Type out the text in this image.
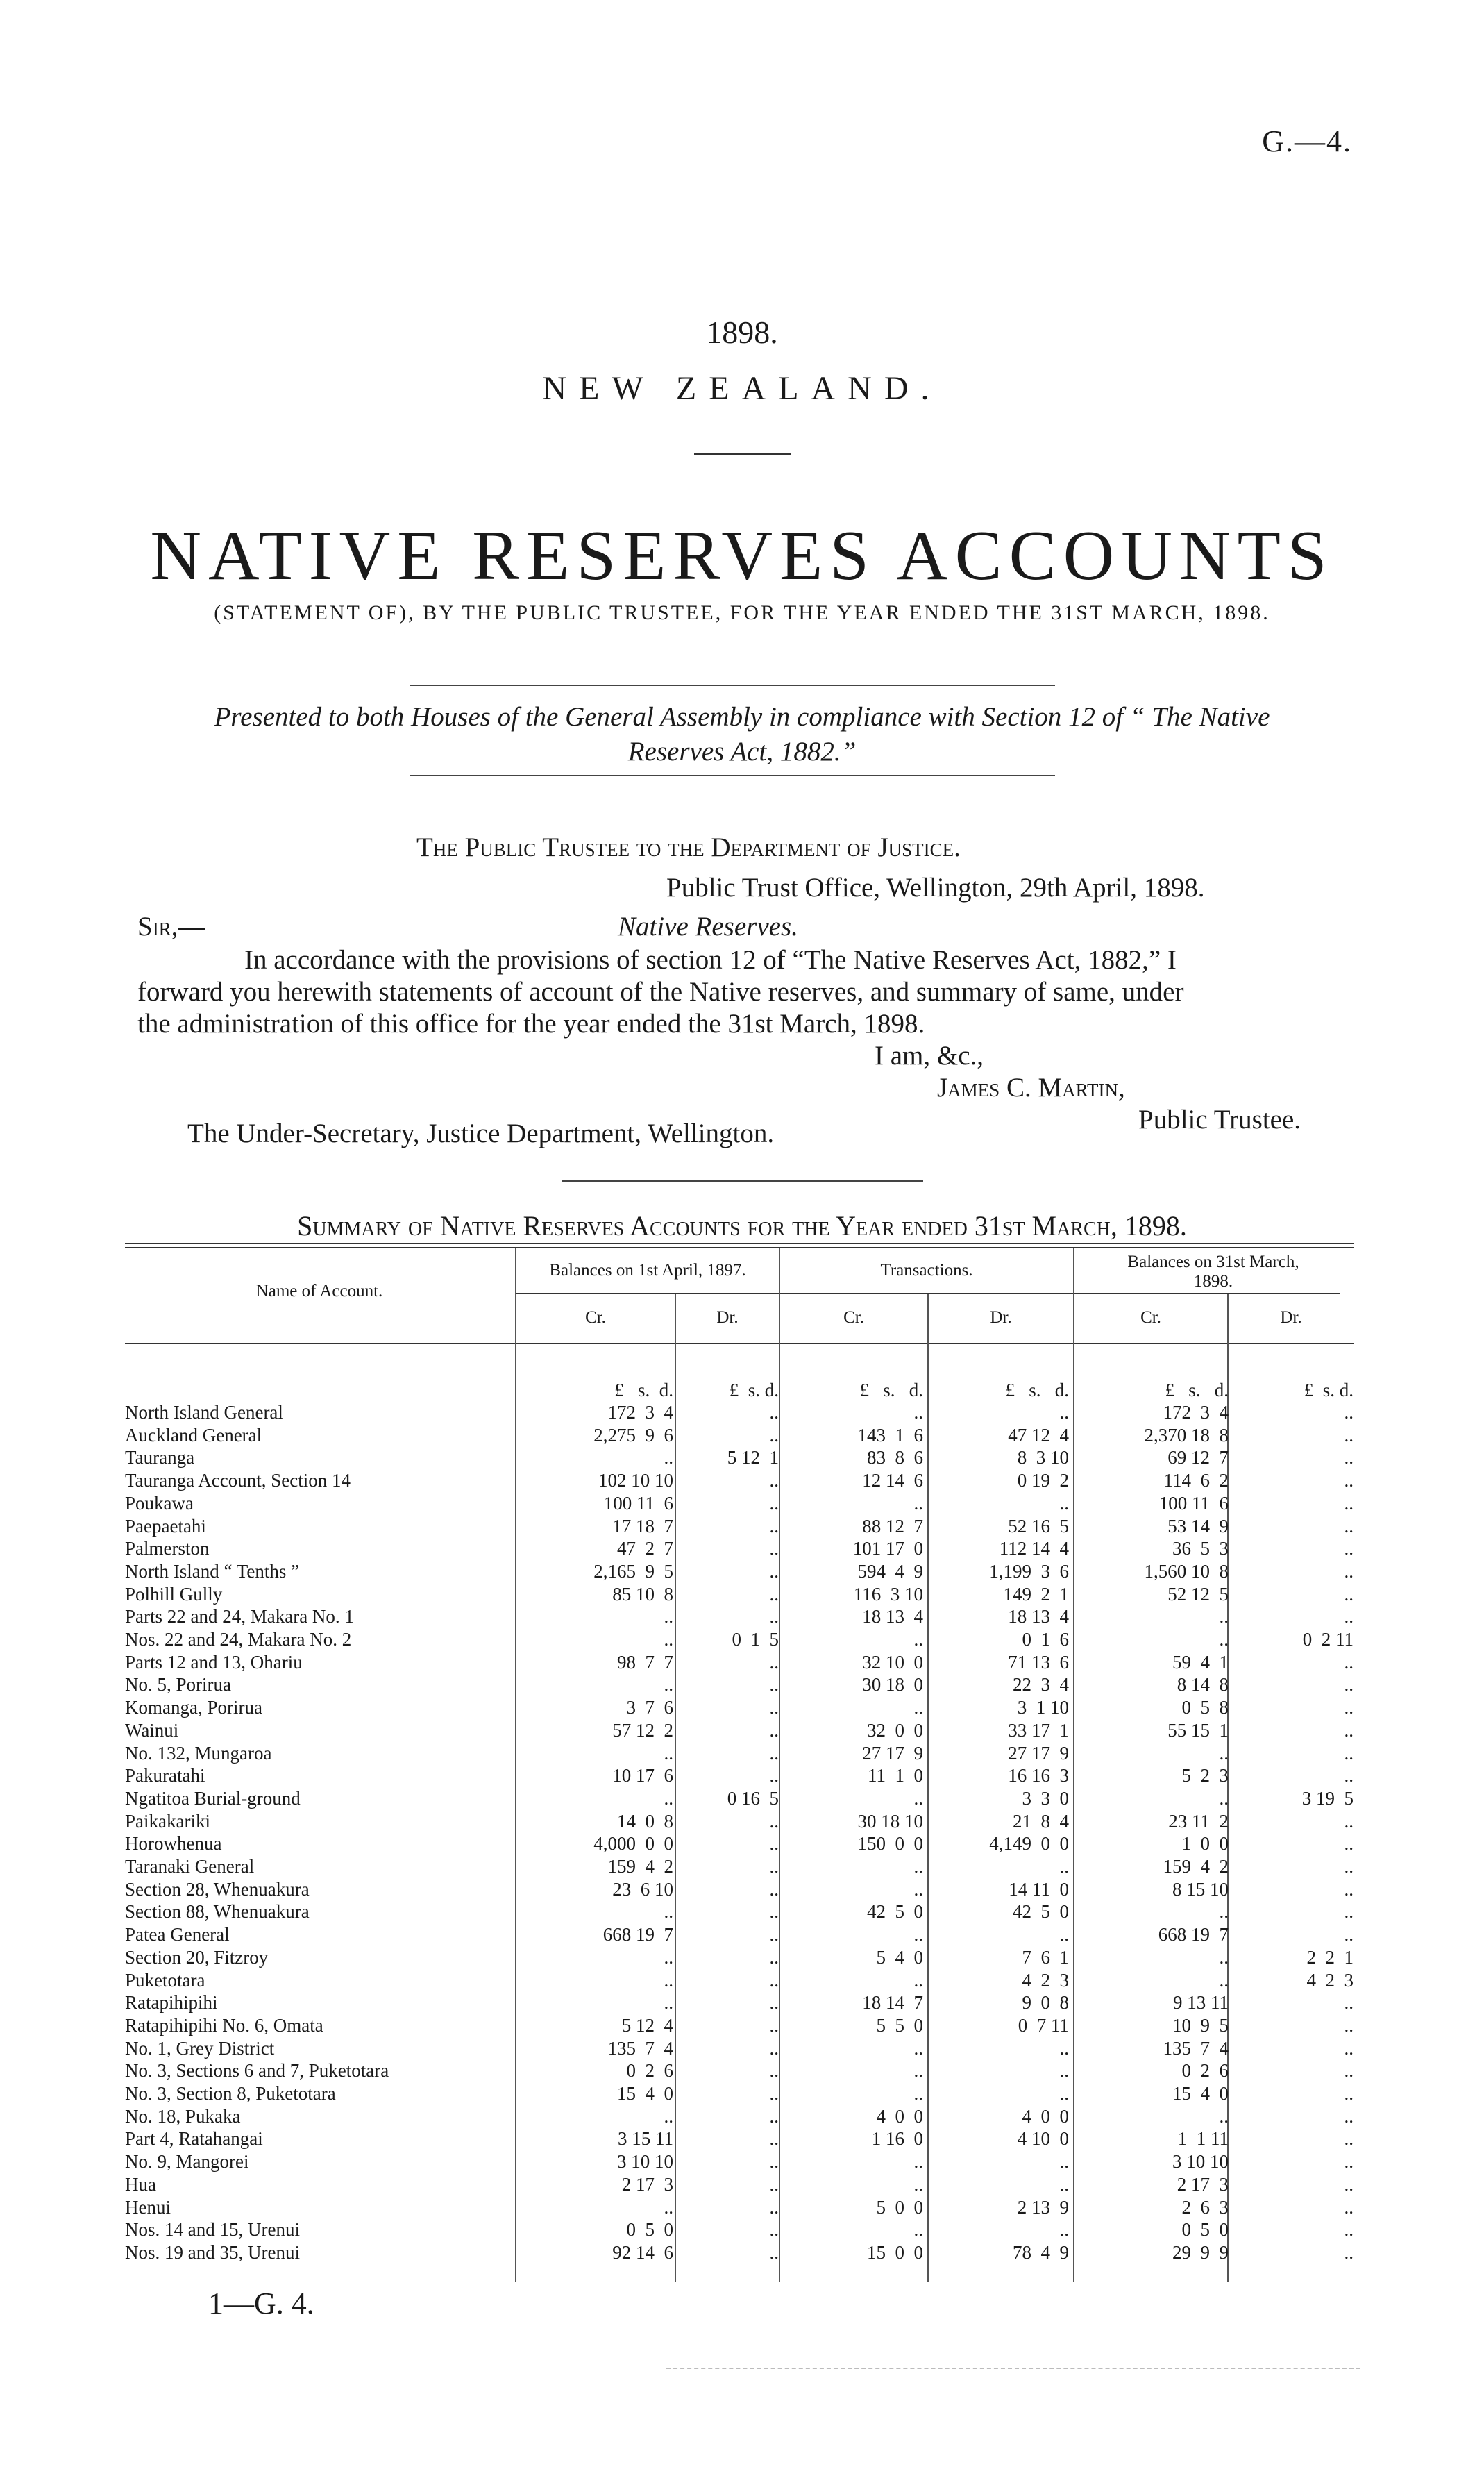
G.—4.
1898.
NEW ZEALAND.
NATIVE RESERVES ACCOUNTS
(STATEMENT OF), BY THE PUBLIC TRUSTEE, FOR THE YEAR ENDED THE 31ST MARCH, 1898.
Presented to both Houses of the General Assembly in compliance with Section 12 of “ The Native
Reserves Act, 1882.”
The Public Trustee to the Department of Justice.
Public Trust Office, Wellington, 29th April, 1898.
Sir,—	Native Reserves.
In accordance with the provisions of section 12 of “The Native Reserves Act, 1882,” I
forward you herewith statements of account of the Native reserves, and summary of same, under
the administration of this office for the year ended the 31st March, 1898.
I am, &c.,
James C. Martin,
Public Trustee.
The Under-Secretary, Justice Department, Wellington.
Summary of Native Reserves Accounts for the Year ended 31st March, 1898.
Name of Account.
Balances on 1st April, 1897.	Transactions.	Balances on 31st March,
1898.
Cr.	Dr.	Cr.	Dr.	Cr.	Dr.
£   s.  d.	£  s. d.	£   s.   d.	£   s.   d.	£   s.   d.	£  s. d.
North Island General	172  3  4	..	..	..	172  3  4	..
Auckland General	2,275  9  6	..	143  1  6	47 12  4	2,370 18  8	..
Tauranga	..	5 12  1	83  8  6	8  3 10	69 12  7	..
Tauranga Account, Section 14	102 10 10	..	12 14  6	0 19  2	114  6  2	..
Poukawa	100 11  6	..	..	..	100 11  6	..
Paepaetahi	17 18  7	..	88 12  7	52 16  5	53 14  9	..
Palmerston	47  2  7	..	101 17  0	112 14  4	36  5  3	..
North Island “ Tenths ”	2,165  9  5	..	594  4  9	1,199  3  6	1,560 10  8	..
Polhill Gully	85 10  8	..	116  3 10	149  2  1	52 12  5	..
Parts 22 and 24, Makara No. 1	..	..	18 13  4	18 13  4	..	..
Nos. 22 and 24, Makara No. 2	..	0  1  5	..	0  1  6	..	0  2 11
Parts 12 and 13, Ohariu	98  7  7	..	32 10  0	71 13  6	59  4  1	..
No. 5, Porirua	..	..	30 18  0	22  3  4	8 14  8	..
Komanga, Porirua	3  7  6	..	..	3  1 10	0  5  8	..
Wainui	57 12  2	..	32  0  0	33 17  1	55 15  1	..
No. 132, Mungaroa	..	..	27 17  9	27 17  9	..	..
Pakuratahi	10 17  6	..	11  1  0	16 16  3	5  2  3	..
Ngatitoa Burial-ground	..	0 16  5	..	3  3  0	..	3 19  5
Paikakariki	14  0  8	..	30 18 10	21  8  4	23 11  2	..
Horowhenua	4,000  0  0	..	150  0  0	4,149  0  0	1  0  0	..
Taranaki General	159  4  2	..	..	..	159  4  2	..
Section 28, Whenuakura	23  6 10	..	..	14 11  0	8 15 10	..
Section 88, Whenuakura	..	..	42  5  0	42  5  0	..	..
Patea General	668 19  7	..	..	..	668 19  7	..
Section 20, Fitzroy	..	..	5  4  0	7  6  1	..	2  2  1
Puketotara	..	..	..	4  2  3	..	4  2  3
Ratapihipihi	..	..	18 14  7	9  0  8	9 13 11	..
Ratapihipihi No. 6, Omata	5 12  4	..	5  5  0	0  7 11	10  9  5	..
No. 1, Grey District	135  7  4	..	..	..	135  7  4	..
No. 3, Sections 6 and 7, Puketotara	0  2  6	..	..	..	0  2  6	..
No. 3, Section 8, Puketotara	15  4  0	..	..	..	15  4  0	..
No. 18, Pukaka	..	..	4  0  0	4  0  0	..	..
Part 4, Ratahangai	3 15 11	..	1 16  0	4 10  0	1  1 11	..
No. 9, Mangorei	3 10 10	..	..	..	3 10 10	..
Hua	2 17  3	..	..	..	2 17  3	..
Henui	..	..	5  0  0	2 13  9	2  6  3	..
Nos. 14 and 15, Urenui	0  5  0	..	..	..	0  5  0	..
Nos. 19 and 35, Urenui	92 14  6	..	15  0  0	78  4  9	29  9  9	..
1—G. 4.
